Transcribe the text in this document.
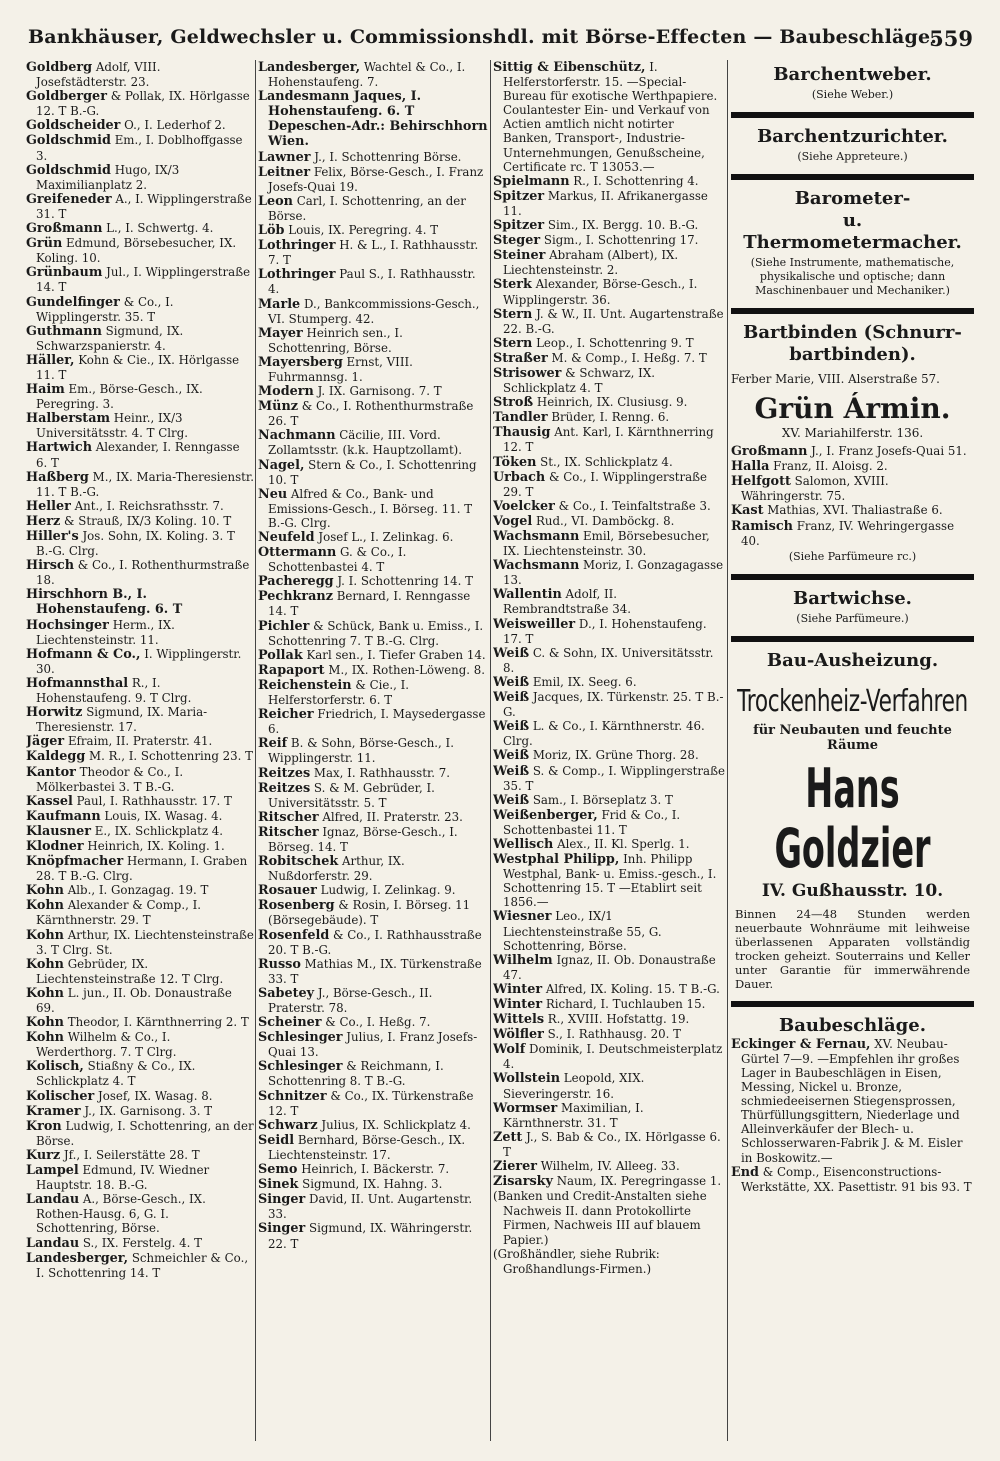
Bankhäuser, Geldwechsler u. Commissionshdl. mit Börse-Effecten — Baubeschläge.
559

Goldberg Adolf, VIII. Josefstädterstr. 23.

Goldberger & Pollak, IX. Hörlgasse 12. T B.-G.

Goldscheider O., I. Lederhof 2.

Goldschmid Em., I. Doblhoffgasse 3.

Goldschmid Hugo, IX/3 Maximilianplatz 2.

Greifeneder A., I. Wipplingerstraße 31. T

Großmann L., I. Schwertg. 4.

Grün Edmund, Börsebesucher, IX. Koling. 10.

Grünbaum Jul., I. Wipplingerstraße 14. T

Gundelfinger & Co., I. Wipplingerstr. 35. T

Guthmann Sigmund, IX. Schwarzspanierstr. 4.

Häller, Kohn & Cie., IX. Hörlgasse 11. T

Haim Em., Börse-Gesch., IX. Peregring. 3.

Halberstam Heinr., IX/3 Universitätsstr. 4. T Clrg.

Hartwich Alexander, I. Renngasse 6. T

Haßberg M., IX. Maria-Theresienstr. 11. T B.-G.

Heller Ant., I. Reichsrathsstr. 7.

Herz & Strauß, IX/3 Koling. 10. T

Hiller's Jos. Sohn, IX. Koling. 3. T B.-G. Clrg.

Hirsch & Co., I. Rothenthurmstraße 18.

Hirschhorn B., I. Hohenstaufeng. 6. T

Hochsinger Herm., IX. Liechtensteinstr. 11.

Hofmann & Co., I. Wipplingerstr. 30.

Hofmannsthal R., I. Hohenstaufeng. 9. T Clrg.

Horwitz Sigmund, IX. Maria-Theresienstr. 17.

Jäger Efraim, II. Praterstr. 41.

Kaldegg M. R., I. Schottenring 23. T

Kantor Theodor & Co., I. Mölkerbastei 3. T B.-G.

Kassel Paul, I. Rathhausstr. 17. T

Kaufmann Louis, IX. Wasag. 4.

Klausner E., IX. Schlickplatz 4.

Klodner Heinrich, IX. Koling. 1.

Knöpfmacher Hermann, I. Graben 28. T B.-G. Clrg.

Kohn Alb., I. Gonzagag. 19. T

Kohn Alexander & Comp., I. Kärnthnerstr. 29. T

Kohn Arthur, IX. Liechtensteinstraße 3. T Clrg. St.

Kohn Gebrüder, IX. Liechtensteinstraße 12. T Clrg.

Kohn L. jun., II. Ob. Donaustraße 69.

Kohn Theodor, I. Kärnthnerring 2. T

Kohn Wilhelm & Co., I. Werderthorg. 7. T Clrg.

Kolisch, Stiaßny & Co., IX. Schlickplatz 4. T

Kolischer Josef, IX. Wasag. 8.

Kramer J., IX. Garnisong. 3. T

Kron Ludwig, I. Schottenring, an der Börse.

Kurz Jf., I. Seilerstätte 28. T

Lampel Edmund, IV. Wiedner Hauptstr. 18. B.-G.

Landau A., Börse-Gesch., IX. Rothen-Hausg. 6, G. I. Schottenring, Börse.

Landau S., IX. Ferstelg. 4. T

Landesberger, Schmeichler & Co., I. Schottenring 14. T

Landesberger, Wachtel & Co., I. Hohenstaufeng. 7.

Landesmann Jaques, I. Hohenstaufeng. 6. T Depeschen-Adr.: Behirschhorn Wien.

Lawner J., I. Schottenring Börse.

Leitner Felix, Börse-Gesch., I. Franz Josefs-Quai 19.

Leon Carl, I. Schottenring, an der Börse.

Löb Louis, IX. Peregring. 4. T

Lothringer H. & L., I. Rathhausstr. 7. T

Lothringer Paul S., I. Rathhausstr. 4.

Marle D., Bankcommissions-Gesch., VI. Stumperg. 42.

Mayer Heinrich sen., I. Schottenring, Börse.

Mayersberg Ernst, VIII. Fuhrmannsg. 1.

Modern J. IX. Garnisong. 7. T

Münz & Co., I. Rothenthurmstraße 26. T

Nachmann Cäcilie, III. Vord. Zollamtsstr. (k.k. Hauptzollamt).

Nagel, Stern & Co., I. Schottenring 10. T

Neu Alfred & Co., Bank- und Emissions-Gesch., I. Börseg. 11. T B.-G. Clrg.

Neufeld Josef L., I. Zelinkag. 6.

Ottermann G. & Co., I. Schottenbastei 4. T

Pacheregg J. I. Schottenring 14. T

Pechkranz Bernard, I. Renngasse 14. T

Pichler & Schück, Bank u. Emiss., I. Schottenring 7. T B.-G. Clrg.

Pollak Karl sen., I. Tiefer Graben 14.

Rapaport M., IX. Rothen-Löweng. 8.

Reichenstein & Cie., I. Helferstorferstr. 6. T

Reicher Friedrich, I. Maysedergasse 6.

Reif B. & Sohn, Börse-Gesch., I. Wipplingerstr. 11.

Reitzes Max, I. Rathhausstr. 7.

Reitzes S. & M. Gebrüder, I. Universitätsstr. 5. T

Ritscher Alfred, II. Praterstr. 23.

Ritscher Ignaz, Börse-Gesch., I. Börseg. 14. T

Robitschek Arthur, IX. Nußdorferstr. 29.

Rosauer Ludwig, I. Zelinkag. 9.

Rosenberg & Rosin, I. Börseg. 11 (Börsegebäude). T

Rosenfeld & Co., I. Rathhausstraße 20. T B.-G.

Russo Mathias M., IX. Türkenstraße 33. T

Sabetey J., Börse-Gesch., II. Praterstr. 78.

Scheiner & Co., I. Heßg. 7.

Schlesinger Julius, I. Franz Josefs-Quai 13.

Schlesinger & Reichmann, I. Schottenring 8. T B.-G.

Schnitzer & Co., IX. Türkenstraße 12. T

Schwarz Julius, IX. Schlickplatz 4.

Seidl Bernhard, Börse-Gesch., IX. Liechtensteinstr. 17.

Semo Heinrich, I. Bäckerstr. 7.

Sinek Sigmund, IX. Hahng. 3.

Singer David, II. Unt. Augartenstr. 33.

Singer Sigmund, IX. Währingerstr. 22. T

Sittig & Eibenschütz, I. Helferstorferstr. 15. —Special-Bureau für exotische Werthpapiere. Coulantester Ein- und Verkauf von Actien amtlich nicht notirter Banken, Transport-, Industrie-Unternehmungen, Genußscheine, Certificate rc. T 13053.—

Spielmann R., I. Schottenring 4.

Spitzer Markus, II. Afrikanergasse 11.

Spitzer Sim., IX. Bergg. 10. B.-G.

Steger Sigm., I. Schottenring 17.

Steiner Abraham (Albert), IX. Liechtensteinstr. 2.

Sterk Alexander, Börse-Gesch., I. Wipplingerstr. 36.

Stern J. & W., II. Unt. Augartenstraße 22. B.-G.

Stern Leop., I. Schottenring 9. T

Straßer M. & Comp., I. Heßg. 7. T

Strisower & Schwarz, IX. Schlickplatz 4. T

Stroß Heinrich, IX. Clusiusg. 9.

Tandler Brüder, I. Renng. 6.

Thausig Ant. Karl, I. Kärnthnerring 12. T

Töken St., IX. Schlickplatz 4.

Urbach & Co., I. Wipplingerstraße 29. T

Voelcker & Co., I. Teinfaltstraße 3.

Vogel Rud., VI. Damböckg. 8.

Wachsmann Emil, Börsebesucher, IX. Liechtensteinstr. 30.

Wachsmann Moriz, I. Gonzagagasse 13.

Wallentin Adolf, II. Rembrandtstraße 34.

Weisweiller D., I. Hohenstaufeng. 17. T

Weiß C. & Sohn, IX. Universitätsstr. 8.

Weiß Emil, IX. Seeg. 6.

Weiß Jacques, IX. Türkenstr. 25. T B.-G.

Weiß L. & Co., I. Kärnthnerstr. 46. Clrg.

Weiß Moriz, IX. Grüne Thorg. 28.

Weiß S. & Comp., I. Wipplingerstraße 35. T

Weiß Sam., I. Börseplatz 3. T

Weißenberger, Frid & Co., I. Schottenbastei 11. T

Wellisch Alex., II. Kl. Sperlg. 1.

Westphal Philipp, Inh. Philipp Westphal, Bank- u. Emiss.-gesch., I. Schottenring 15. T —Etablirt seit 1856.—

Wiesner Leo., IX/1 Liechtensteinstraße 55, G. Schottenring, Börse.

Wilhelm Ignaz, II. Ob. Donaustraße 47.

Winter Alfred, IX. Koling. 15. T B.-G.

Winter Richard, I. Tuchlauben 15.

Wittels R., XVIII. Hofstattg. 19.

Wölfler S., I. Rathhausg. 20. T

Wolf Dominik, I. Deutschmeisterplatz 4.

Wollstein Leopold, XIX. Sieveringerstr. 16.

Wormser Maximilian, I. Kärnthnerstr. 31. T

Zett J., S. Bab & Co., IX. Hörlgasse 6. T

Zierer Wilhelm, IV. Alleeg. 33.

Zisarsky Naum, IX. Peregringasse 1.

(Banken und Credit-Anstalten siehe Nachweis II. dann Protokollirte Firmen, Nachweis III auf blauem Papier.)

(Großhändler, siehe Rubrik: Großhandlungs-Firmen.)

Barchentweber.
(Siehe Weber.)
Barchentzurichter.
(Siehe Appreteure.)
Barometer-
u. Thermometermacher.
(Siehe Instrumente, mathematische, physikalische und optische; dann Maschinenbauer und Mechaniker.)
Bartbinden (Schnurr-
bartbinden).

Ferber Marie, VIII. Alserstraße 57.

Grün Ármin.
XV. Mariahilferstr. 136.

Großmann J., I. Franz Josefs-Quai 51.

Halla Franz, II. Aloisg. 2.

Helfgott Salomon, XVIII. Währingerstr. 75.

Kast Mathias, XVI. Thaliastraße 6.

Ramisch Franz, IV. Wehringergasse 40.

(Siehe Parfümeure rc.)
Bartwichse.
(Siehe Parfümeure.)
Bau-Ausheizung.
Trockenheiz-Verfahren
für Neubauten und feuchte
Räume
Hans Goldzier
IV. Gußhausstr. 10.
Binnen 24—48 Stunden werden neuerbaute Wohnräume mit leihweise überlassenen Apparaten vollständig trocken geheizt. Souterrains und Keller unter Garantie für immerwährende Dauer.
Baubeschläge.

Eckinger & Fernau, XV. Neubau-Gürtel 7—9. —Empfehlen ihr großes Lager in Baubeschlägen in Eisen, Messing, Nickel u. Bronze, schmiedeeisernen Stiegensprossen, Thürfüllungsgittern, Niederlage und Alleinverkäufer der Blech- u. Schlosserwaren-Fabrik J. & M. Eisler in Boskowitz.—

End & Comp., Eisenconstructions-Werkstätte, XX. Pasettistr. 91 bis 93. T
